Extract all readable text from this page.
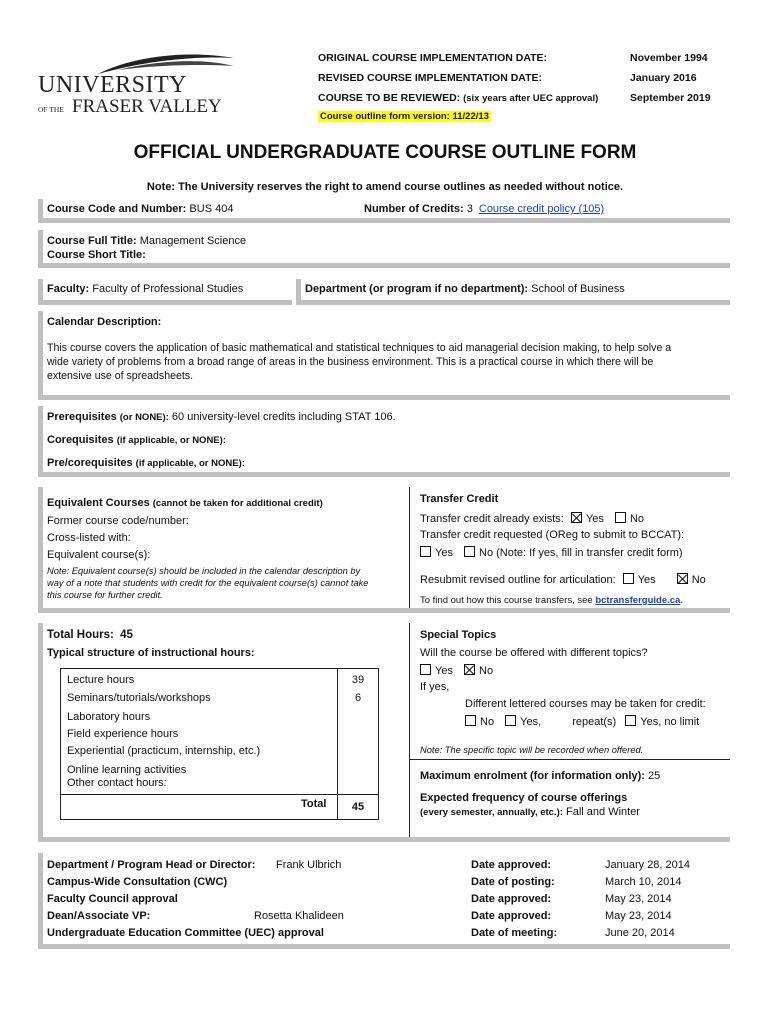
UNIVERSITY
OF THE FRASER VALLEY
ORIGINAL COURSE IMPLEMENTATION DATE:	November 1994
REVISED COURSE IMPLEMENTATION DATE:	January 2016
COURSE TO BE REVIEWED: (six years after UEC approval)	September 2019
Course outline form version: 11/22/13
OFFICIAL UNDERGRADUATE COURSE OUTLINE FORM
Note: The University reserves the right to amend course outlines as needed without notice.
Course Code and Number: BUS 404	Number of Credits: 3 Course credit policy (105)
Course Full Title: Management Science
Course Short Title:
Faculty: Faculty of Professional Studies	Department (or program if no department): School of Business
Calendar Description:
This course covers the application of basic mathematical and statistical techniques to aid managerial decision making, to help solve a
wide variety of problems from a broad range of areas in the business environment. This is a practical course in which there will be
extensive use of spreadsheets.
Prerequisites (or NONE): 60 university-level credits including STAT 106.
Corequisites (if applicable, or NONE):
Pre/corequisites (if applicable, or NONE):
Equivalent Courses (cannot be taken for additional credit)
Former course code/number:
Cross-listed with:
Equivalent course(s):
Note: Equivalent course(s) should be included in the calendar description by
way of a note that students with credit for the equivalent course(s) cannot take
this course for further credit.
Transfer Credit
Transfer credit already exists: Yes No
Transfer credit requested (OReg to submit to BCCAT):
Yes No (Note: If yes, fill in transfer credit form)
Resubmit revised outline for articulation: Yes	No
To find out how this course transfers, see bctransferguide.ca.
Total Hours: 45
Typical structure of instructional hours:
Lecture hours	39
Seminars/tutorials/workshops	6
Laboratory hours
Field experience hours
Experiential (practicum, internship, etc.)
Online learning activities
Other contact hours:
Total	45
Special Topics
Will the course be offered with different topics?
Yes No
If yes,
Different lettered courses may be taken for credit:
No Yes,	repeat(s) Yes, no limit
Note: The specific topic will be recorded when offered.
Maximum enrolment (for information only): 25
Expected frequency of course offerings
(every semester, annually, etc.): Fall and Winter
Department / Program Head or Director: Frank Ulbrich	Date approved:	January 28, 2014
Campus-Wide Consultation (CWC)	Date of posting:	March 10, 2014
Faculty Council approval	Date approved:	May 23, 2014
Dean/Associate VP:	Rosetta Khalideen	Date approved:	May 23, 2014
Undergraduate Education Committee (UEC) approval	Date of meeting:	June 20, 2014
